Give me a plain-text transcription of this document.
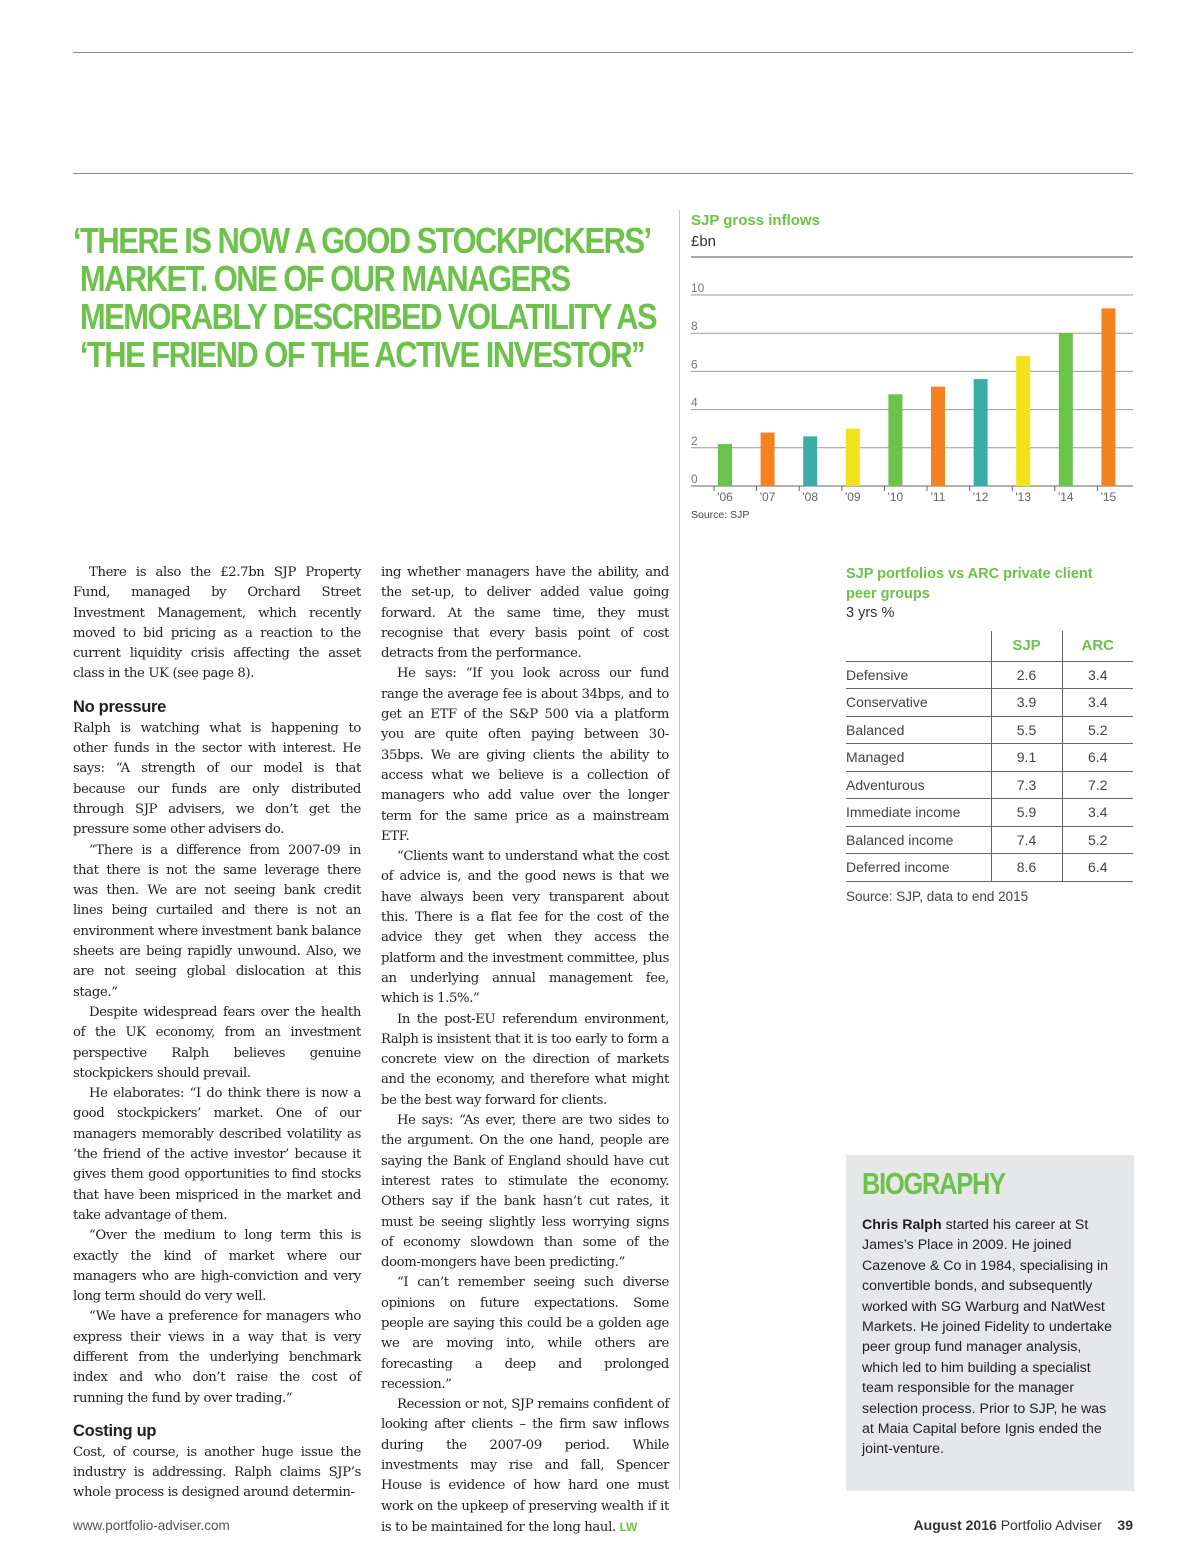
‘THERE IS NOW A GOOD STOCKPICKERS’
MARKET. ONE OF OUR MANAGERS
MEMORABLY DESCRIBED VOLATILITY AS
‘THE FRIEND OF THE ACTIVE INVESTOR’’
SJP gross inflows
£bn
0
2
4
6
8
10
'06 '07 '08 '09 '10 '11 '12 '13 '14 '15
Source: SJP

There is also the £2.7bn SJP Property Fund, managed by Orchard Street Investment Management, which recently moved to bid pricing as a reaction to the current liquidity crisis affecting the asset class in the UK (see page 8).

No pressure

Ralph is watching what is happening to other funds in the sector with interest. He says: “A strength of our model is that because our funds are only distributed through SJP advisers, we don’t get the pressure some other advisers do.

“There is a difference from 2007-09 in that there is not the same leverage there was then. We are not seeing bank credit lines being curtailed and there is not an environment where investment bank balance sheets are being rapidly unwound. Also, we are not seeing global dislocation at this stage.”

Despite widespread fears over the health of the UK economy, from an investment perspective Ralph believes genuine stockpickers should prevail.

He elaborates: “I do think there is now a good stockpickers’ market. One of our managers memorably described volatility as ‘the friend of the active investor’ because it gives them good opportunities to find stocks that have been mispriced in the market and take advantage of them.

“Over the medium to long term this is exactly the kind of market where our managers who are high-conviction and very long term should do very well.

“We have a preference for managers who express their views in a way that is very different from the underlying benchmark index and who don’t raise the cost of running the fund by over trading.”

Costing up

Cost, of course, is another huge issue the industry is addressing. Ralph claims SJP’s whole process is designed around determin-

ing whether managers have the ability, and the set-up, to deliver added value going forward. At the same time, they must recognise that every basis point of cost detracts from the performance.

He says: “If you look across our fund range the average fee is about 34bps, and to get an ETF of the S&P 500 via a platform you are quite often paying between 30-35bps. We are giving clients the ability to access what we believe is a collection of managers who add value over the longer term for the same price as a mainstream ETF.

“Clients want to understand what the cost of advice is, and the good news is that we have always been very transparent about this. There is a flat fee for the cost of the advice they get when they access the platform and the investment committee, plus an underlying annual management fee, which is 1.5%.”

In the post-EU referendum environment, Ralph is insistent that it is too early to form a concrete view on the direction of markets and the economy, and therefore what might be the best way forward for clients.

He says: “As ever, there are two sides to the argument. On the one hand, people are saying the Bank of England should have cut interest rates to stimulate the economy. Others say if the bank hasn’t cut rates, it must be seeing slightly less worrying signs of economy slowdown than some of the doom-mongers have been predicting.”

“I can’t remember seeing such diverse opinions on future expectations. Some people are saying this could be a golden age we are moving into, while others are forecasting a deep and prolonged recession.”

Recession or not, SJP remains confident of looking after clients – the firm saw inflows during the 2007-09 period. While investments may rise and fall, Spencer House is evidence of how hard one must work on the upkeep of preserving wealth if it is to be maintained for the long haul. LW

SJP portfolios vs ARC private client peer groups
3 yrs %
	SJP	ARC
Defensive	2.6	3.4
Conservative	3.9	3.4
Balanced	5.5	5.2
Managed	9.1	6.4
Adventurous	7.3	7.2
Immediate income	5.9	3.4
Balanced income	7.4	5.2
Deferred income	8.6	6.4
Source: SJP, data to end 2015
BIOGRAPHY
Chris Ralph started his career at St James’s Place in 2009. He joined Cazenove & Co in 1984, specialising in convertible bonds, and subsequently worked with SG Warburg and NatWest Markets. He joined Fidelity to undertake peer group fund manager analysis, which led to him building a specialist team responsible for the manager selection process. Prior to SJP, he was at Maia Capital before Ignis ended the joint-venture.
www.portfolio-adviser.com	August 2016 Portfolio Adviser 39
